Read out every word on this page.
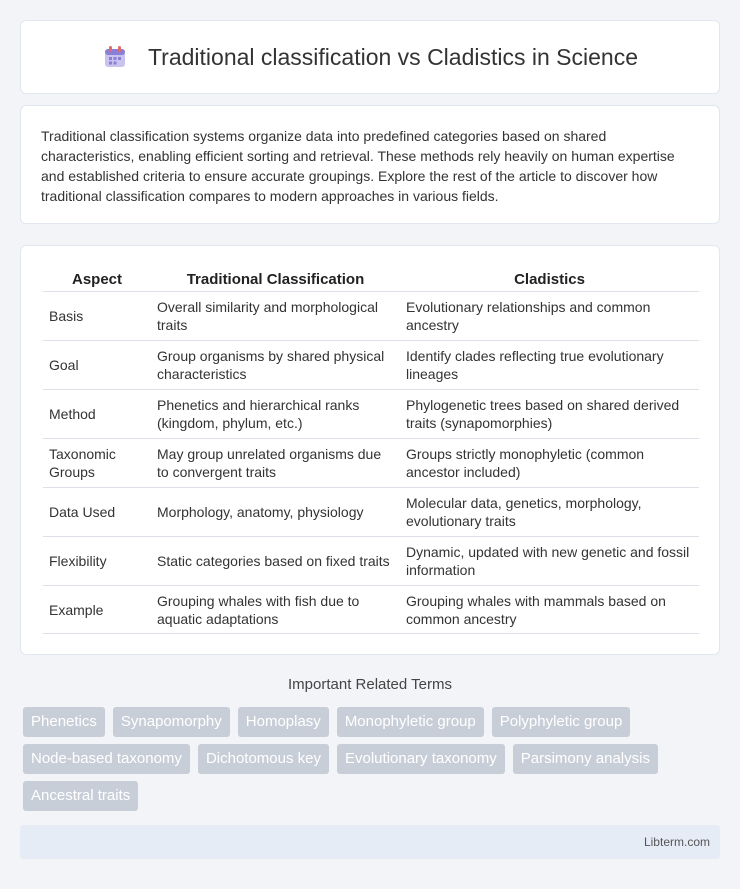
Traditional classification vs Cladistics in Science

Traditional classification systems organize data into predefined categories based on shared characteristics, enabling efficient sorting and retrieval. These methods rely heavily on human expertise and established criteria to ensure accurate groupings. Explore the rest of the article to discover how traditional classification compares to modern approaches in various fields.

Aspect	Traditional Classification	Cladistics
Basis	Overall similarity and morphological traits	Evolutionary relationships and common ancestry
Goal	Group organisms by shared physical characteristics	Identify clades reflecting true evolutionary lineages
Method	Phenetics and hierarchical ranks (kingdom, phylum, etc.)	Phylogenetic trees based on shared derived traits (synapomorphies)
Taxonomic Groups	May group unrelated organisms due to convergent traits	Groups strictly monophyletic (common ancestor included)
Data Used	Morphology, anatomy, physiology	Molecular data, genetics, morphology, evolutionary traits
Flexibility	Static categories based on fixed traits	Dynamic, updated with new genetic and fossil information
Example	Grouping whales with fish due to aquatic adaptations	Grouping whales with mammals based on common ancestry
Important Related Terms
Phenetics	Synapomorphy	Homoplasy	Monophyletic group	Polyphyletic group
Node-based taxonomy	Dichotomous key	Evolutionary taxonomy	Parsimony analysis
Ancestral traits
Libterm.com
